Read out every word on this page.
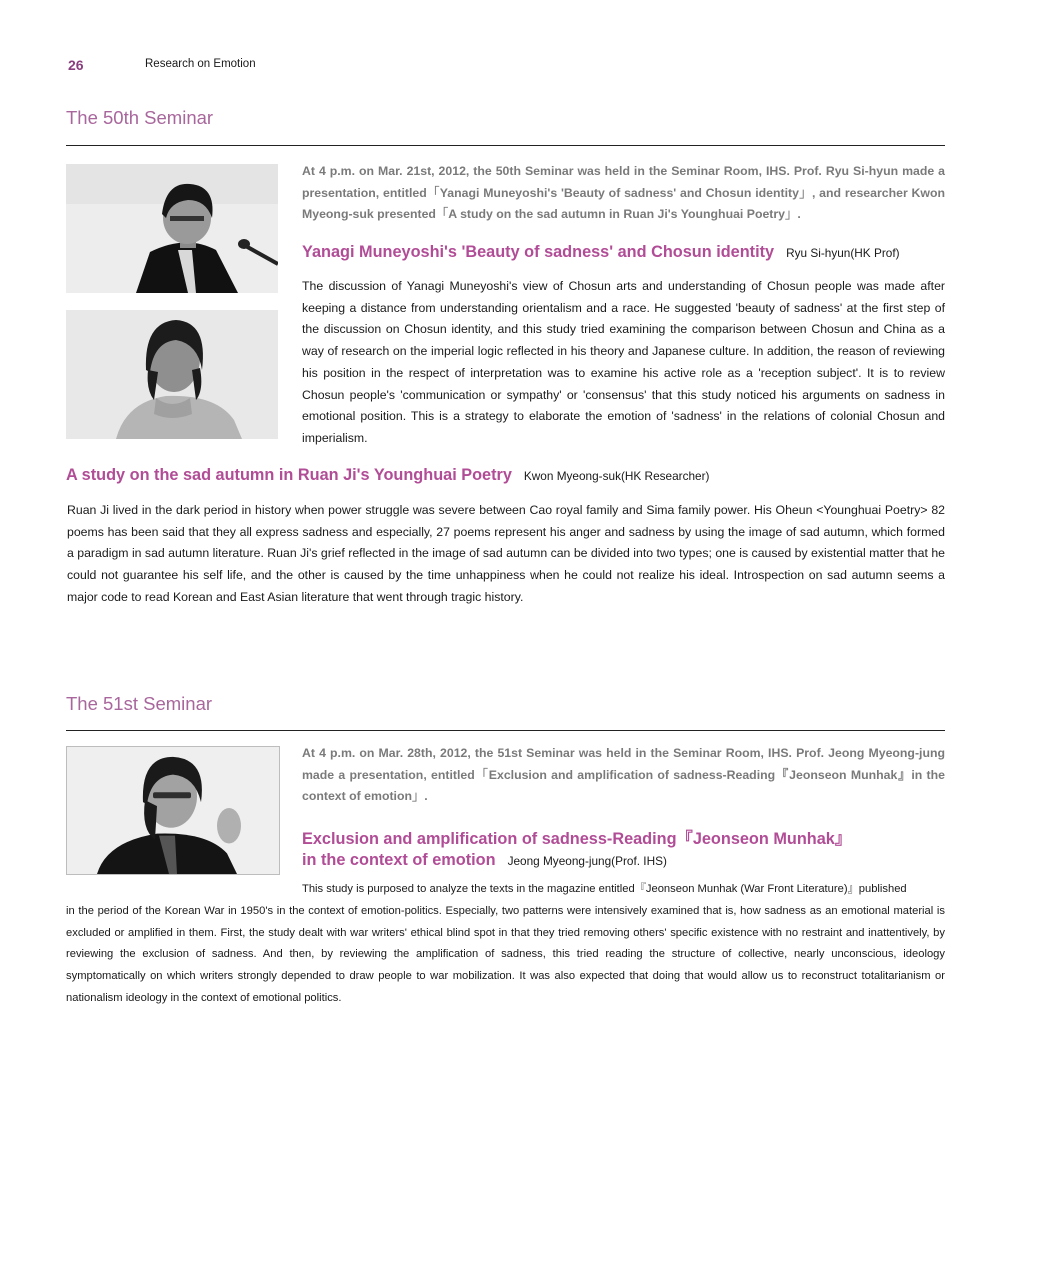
26	Research on Emotion
The 50th Seminar
At 4 p.m. on Mar. 21st, 2012, the 50th Seminar was held in the Seminar Room, IHS. Prof. Ryu Si-hyun made a presentation, entitled「Yanagi Muneyoshi's 'Beauty of sadness' and Chosun identity」, and researcher Kwon Myeong-suk presented「A study on the sad autumn in Ruan Ji's Younghuai Poetry」.
Yanagi Muneyoshi's 'Beauty of sadness' and Chosun identity Ryu Si-hyun(HK Prof)
The discussion of Yanagi Muneyoshi's view of Chosun arts and understanding of Chosun people was made after keeping a distance from understanding orientalism and a race. He suggested 'beauty of sadness' at the first step of the discussion on Chosun identity, and this study tried examining the comparison between Chosun and China as a way of research on the imperial logic reflected in his theory and Japanese culture. In addition, the reason of reviewing his position in the respect of interpretation was to examine his active role as a 'reception subject'. It is to review Chosun people's 'communication or sympathy' or 'consensus' that this study noticed his arguments on sadness in emotional position. This is a strategy to elaborate the emotion of 'sadness' in the relations of colonial Chosun and imperialism.
A study on the sad autumn in Ruan Ji's Younghuai Poetry Kwon Myeong-suk(HK Researcher)
Ruan Ji lived in the dark period in history when power struggle was severe between Cao royal family and Sima family power. His Oheun <Younghuai Poetry> 82 poems has been said that they all express sadness and especially, 27 poems represent his anger and sadness by using the image of sad autumn, which formed a paradigm in sad autumn literature. Ruan Ji's grief reflected in the image of sad autumn can be divided into two types; one is caused by existential matter that he could not guarantee his self life, and the other is caused by the time unhappiness when he could not realize his ideal. Introspection on sad autumn seems a major code to read Korean and East Asian literature that went through tragic history.
The 51st Seminar
At 4 p.m. on Mar. 28th, 2012, the 51st Seminar was held in the Seminar Room, IHS. Prof. Jeong Myeong-jung made a presentation, entitled「Exclusion and amplification of sadness-Reading『Jeonseon Munhak』in the context of emotion」.
Exclusion and amplification of sadness-Reading『Jeonseon Munhak』
in the context of emotion Jeong Myeong-jung(Prof. IHS)
This study is purposed to analyze the texts in the magazine entitled『Jeonseon Munhak (War Front Literature)』published
in the period of the Korean War in 1950's in the context of emotion-politics. Especially, two patterns were intensively examined that is, how sadness as an emotional material is excluded or amplified in them. First, the study dealt with war writers' ethical blind spot in that they tried removing others' specific existence with no restraint and inattentively, by reviewing the exclusion of sadness. And then, by reviewing the amplification of sadness, this tried reading the structure of collective, nearly unconscious, ideology symptomatically on which writers strongly depended to draw people to war mobilization. It was also expected that doing that would allow us to reconstruct totalitarianism or nationalism ideology in the context of emotional politics.
